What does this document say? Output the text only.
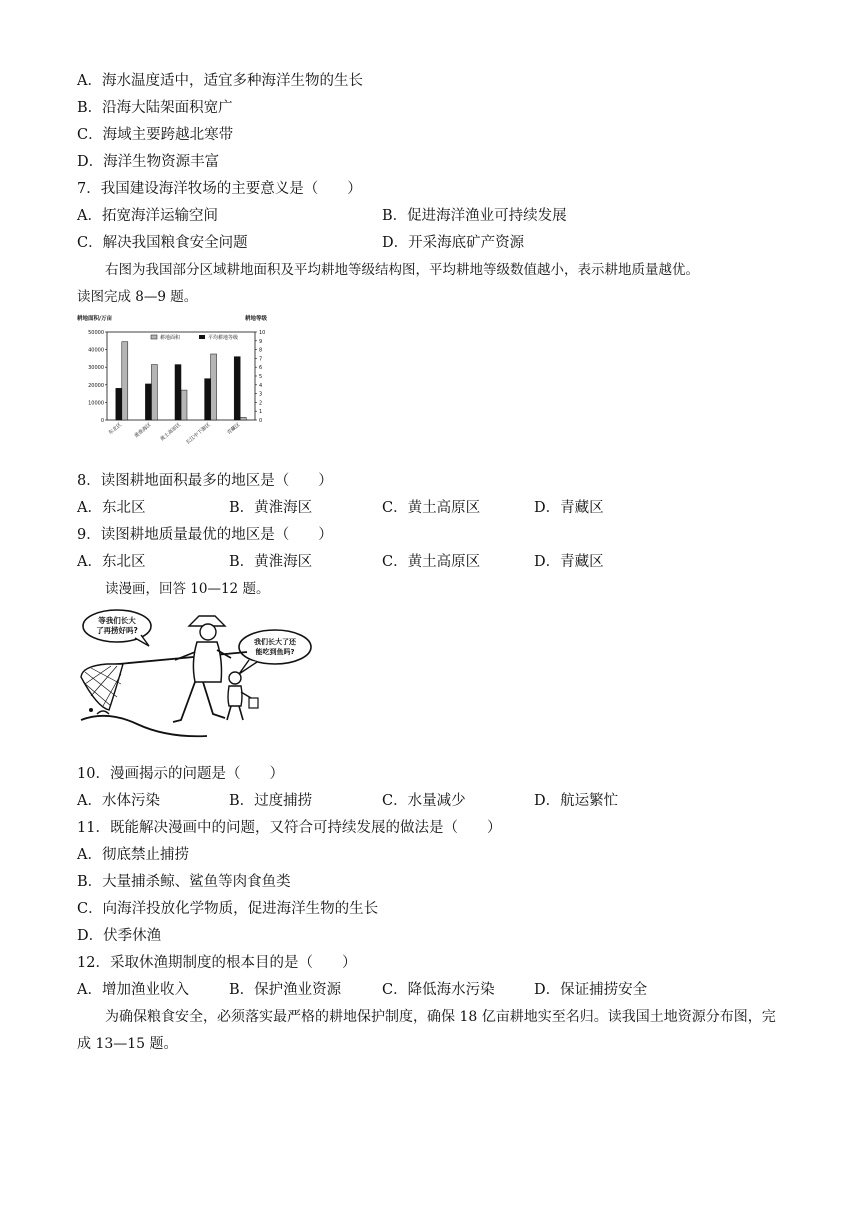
A．海水温度适中，适宜多种海洋生物的生长
B．沿海大陆架面积宽广
C．海域主要跨越北寒带
D．海洋生物资源丰富
7．我国建设海洋牧场的主要意义是（　　）
A．拓宽海洋运输空间	B．促进海洋渔业可持续发展
C．解决我国粮食安全问题	D．开采海底矿产资源
右图为我国部分区域耕地面积及平均耕地等级结构图，平均耕地等级数值越小，表示耕地质量越优。
读图完成 8—9 题。
耕地面积/万亩	耕地等级
50000
40000
30000
20000
10000
0
10
9
8
7
6
5
4
3
2
1
0
东北区 黄淮海区 黄土高原区 长江中下游区	青藏区
耕地面积	平均耕地等级
8．读图耕地面积最多的地区是（　　）
A．东北区	B．黄淮海区	C．黄土高原区	D．青藏区
9．读图耕地质量最优的地区是（　　）
A．东北区	B．黄淮海区	C．黄土高原区	D．青藏区
读漫画，回答 10—12 题。
等我们长大
了再捞好吗?
我们长大了还
能吃到鱼吗?
10．漫画揭示的问题是（　　）
A．水体污染	B．过度捕捞	C．水量减少	D．航运繁忙
11．既能解决漫画中的问题，又符合可持续发展的做法是（　　）
A．彻底禁止捕捞
B．大量捕杀鲸、鲨鱼等肉食鱼类
C．向海洋投放化学物质，促进海洋生物的生长
D．伏季休渔
12．采取休渔期制度的根本目的是（　　）
A．增加渔业收入	B．保护渔业资源	C．降低海水污染	D．保证捕捞安全
为确保粮食安全，必须落实最严格的耕地保护制度，确保 18 亿亩耕地实至名归。读我国土地资源分布图，完成 13—15 题。
